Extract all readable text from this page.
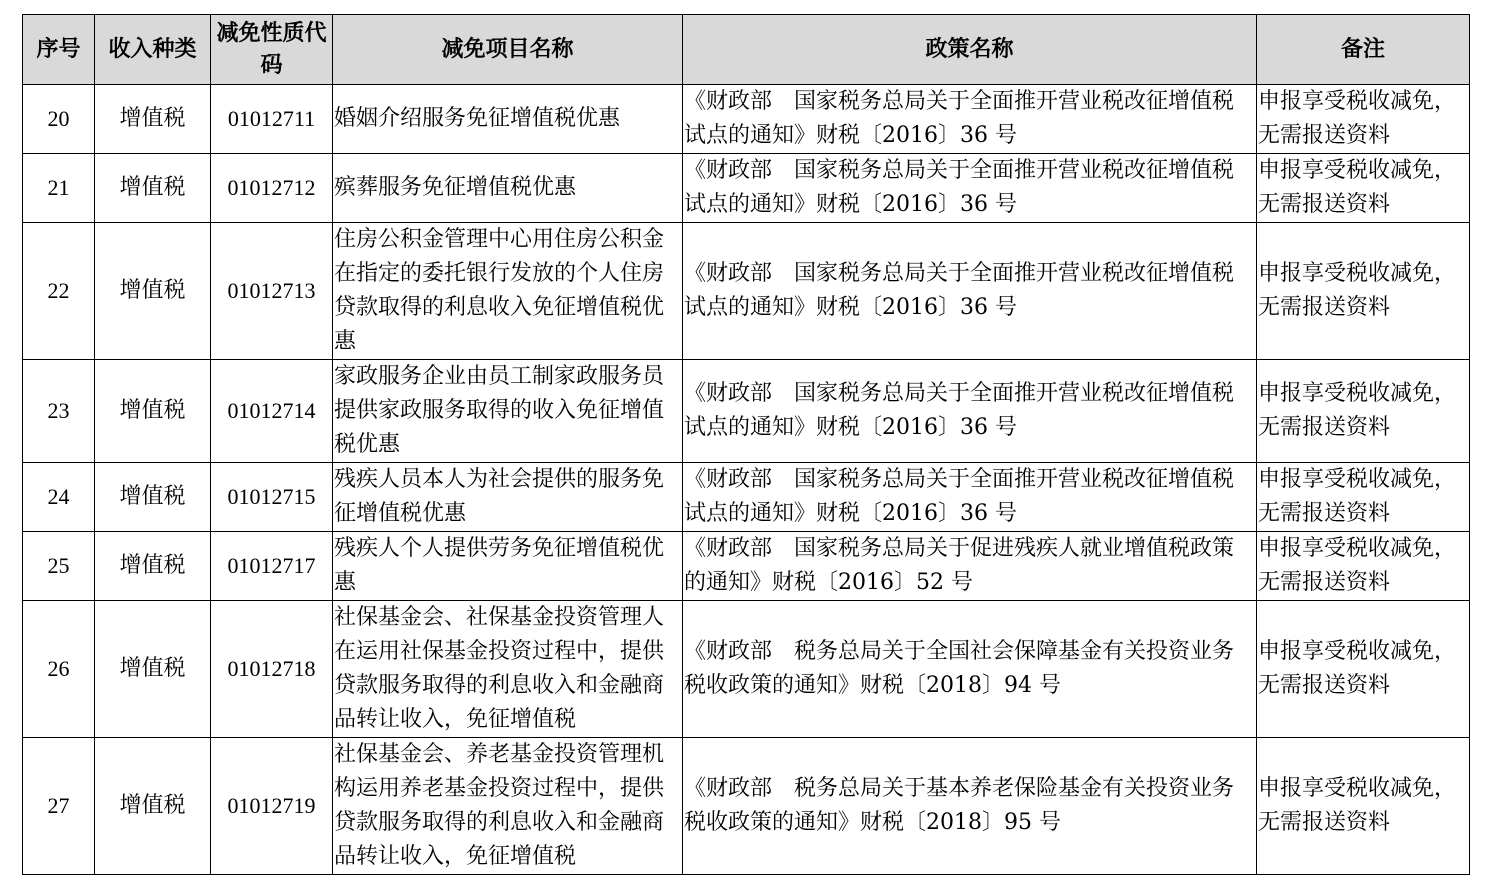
序号	收入种类	减免性质代码	减免项目名称	政策名称	备注
20	增值税	01012711	婚姻介绍服务免征增值税优惠	《财政部　国家税务总局关于全面推开营业税改征增值税试点的通知》财税〔2016〕36 号	申报享受税收减免，无需报送资料
21	增值税	01012712	殡葬服务免征增值税优惠	《财政部　国家税务总局关于全面推开营业税改征增值税试点的通知》财税〔2016〕36 号	申报享受税收减免，无需报送资料
22	增值税	01012713	住房公积金管理中心用住房公积金在指定的委托银行发放的个人住房贷款取得的利息收入免征增值税优惠	《财政部　国家税务总局关于全面推开营业税改征增值税试点的通知》财税〔2016〕36 号	申报享受税收减免，无需报送资料
23	增值税	01012714	家政服务企业由员工制家政服务员提供家政服务取得的收入免征增值税优惠	《财政部　国家税务总局关于全面推开营业税改征增值税试点的通知》财税〔2016〕36 号	申报享受税收减免，无需报送资料
24	增值税	01012715	残疾人员本人为社会提供的服务免征增值税优惠	《财政部　国家税务总局关于全面推开营业税改征增值税试点的通知》财税〔2016〕36 号	申报享受税收减免，无需报送资料
25	增值税	01012717	残疾人个人提供劳务免征增值税优惠	《财政部　国家税务总局关于促进残疾人就业增值税政策的通知》财税〔2016〕52 号	申报享受税收减免，无需报送资料
26	增值税	01012718	社保基金会、社保基金投资管理人在运用社保基金投资过程中，提供贷款服务取得的利息收入和金融商品转让收入，免征增值税	《财政部　税务总局关于全国社会保障基金有关投资业务税收政策的通知》财税〔2018〕94 号	申报享受税收减免，无需报送资料
27	增值税	01012719	社保基金会、养老基金投资管理机构运用养老基金投资过程中，提供贷款服务取得的利息收入和金融商品转让收入，免征增值税	《财政部　税务总局关于基本养老保险基金有关投资业务税收政策的通知》财税〔2018〕95 号	申报享受税收减免，无需报送资料
